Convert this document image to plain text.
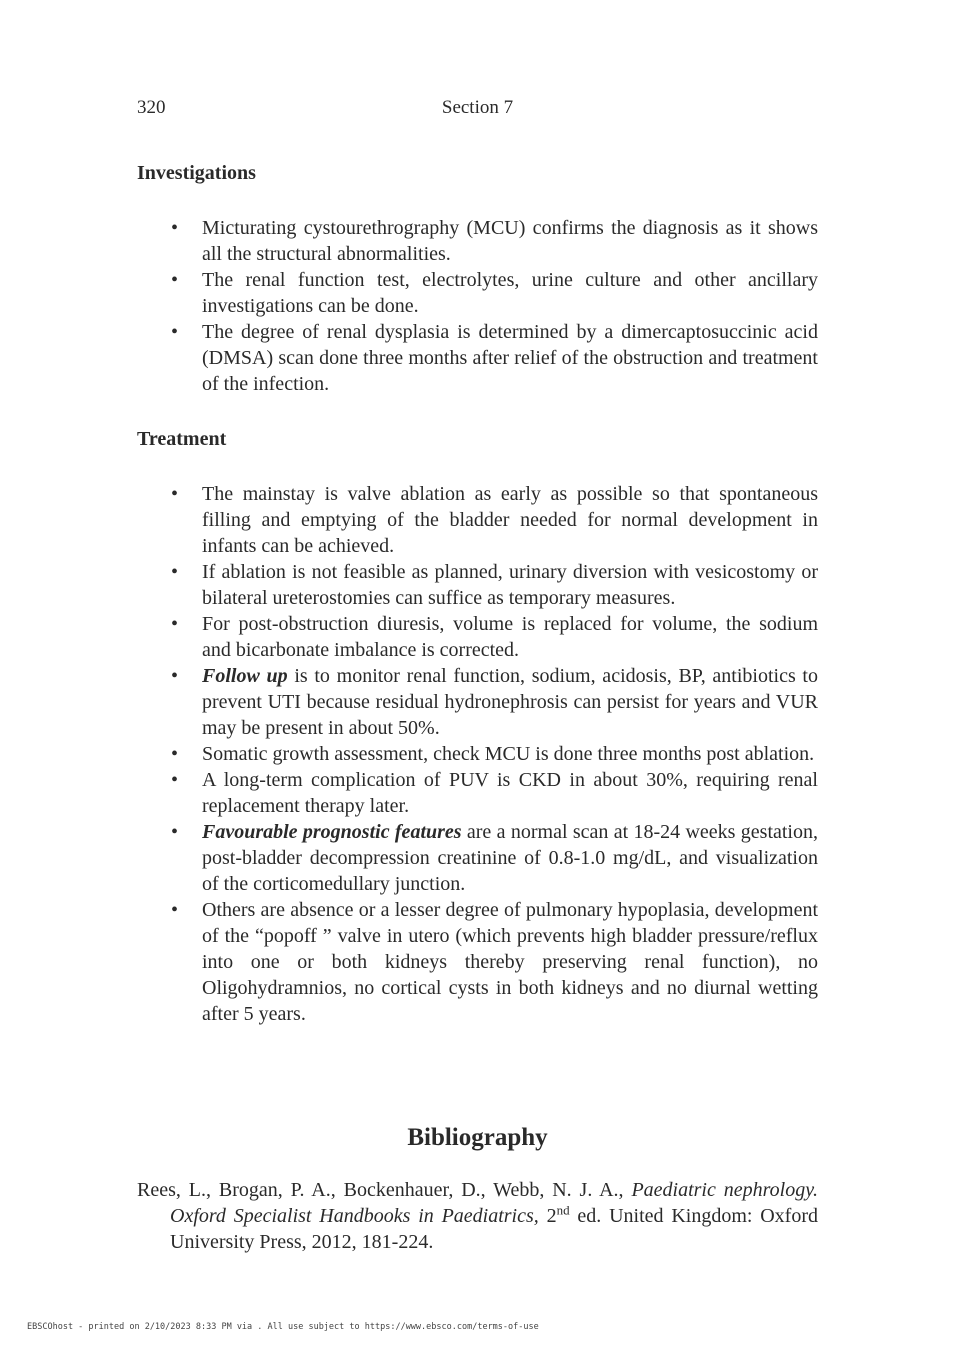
320	Section 7
Investigations
• Micturating cystourethrography (MCU) confirms the diagnosis as it shows all the structural abnormalities.
• The renal function test, electrolytes, urine culture and other ancillary investigations can be done.
• The degree of renal dysplasia is determined by a dimercaptosuccinic acid (DMSA) scan done three months after relief of the obstruction and treatment of the infection.
Treatment
• The mainstay is valve ablation as early as possible so that spontaneous filling and emptying of the bladder needed for normal development in infants can be achieved.
• If ablation is not feasible as planned, urinary diversion with vesicostomy or bilateral ureterostomies can suffice as temporary measures.
• For post-obstruction diuresis, volume is replaced for volume, the sodium and bicarbonate imbalance is corrected.
• Follow up is to monitor renal function, sodium, acidosis, BP, antibiotics to prevent UTI because residual hydronephrosis can persist for years and VUR may be present in about 50%.
• Somatic growth assessment, check MCU is done three months post ablation.
• A long-term complication of PUV is CKD in about 30%, requiring renal replacement therapy later.
• Favourable prognostic features are a normal scan at 18-24 weeks gestation, post-bladder decompression creatinine of 0.8-1.0 mg/dL, and visualization of the corticomedullary junction.
• Others are absence or a lesser degree of pulmonary hypoplasia, development of the “popoff ” valve in utero (which prevents high bladder pressure/reflux into one or both kidneys thereby preserving renal function), no Oligohydramnios, no cortical cysts in both kidneys and no diurnal wetting after 5 years.
Bibliography

Rees, L., Brogan, P. A., Bockenhauer, D., Webb, N. J. A., Paediatric nephrology. Oxford Specialist Handbooks in Paediatrics, 2nd ed. United Kingdom: Oxford University Press, 2012, 181-224.

EBSCOhost - printed on 2/10/2023 8:33 PM via . All use subject to https://www.ebsco.com/terms-of-use
